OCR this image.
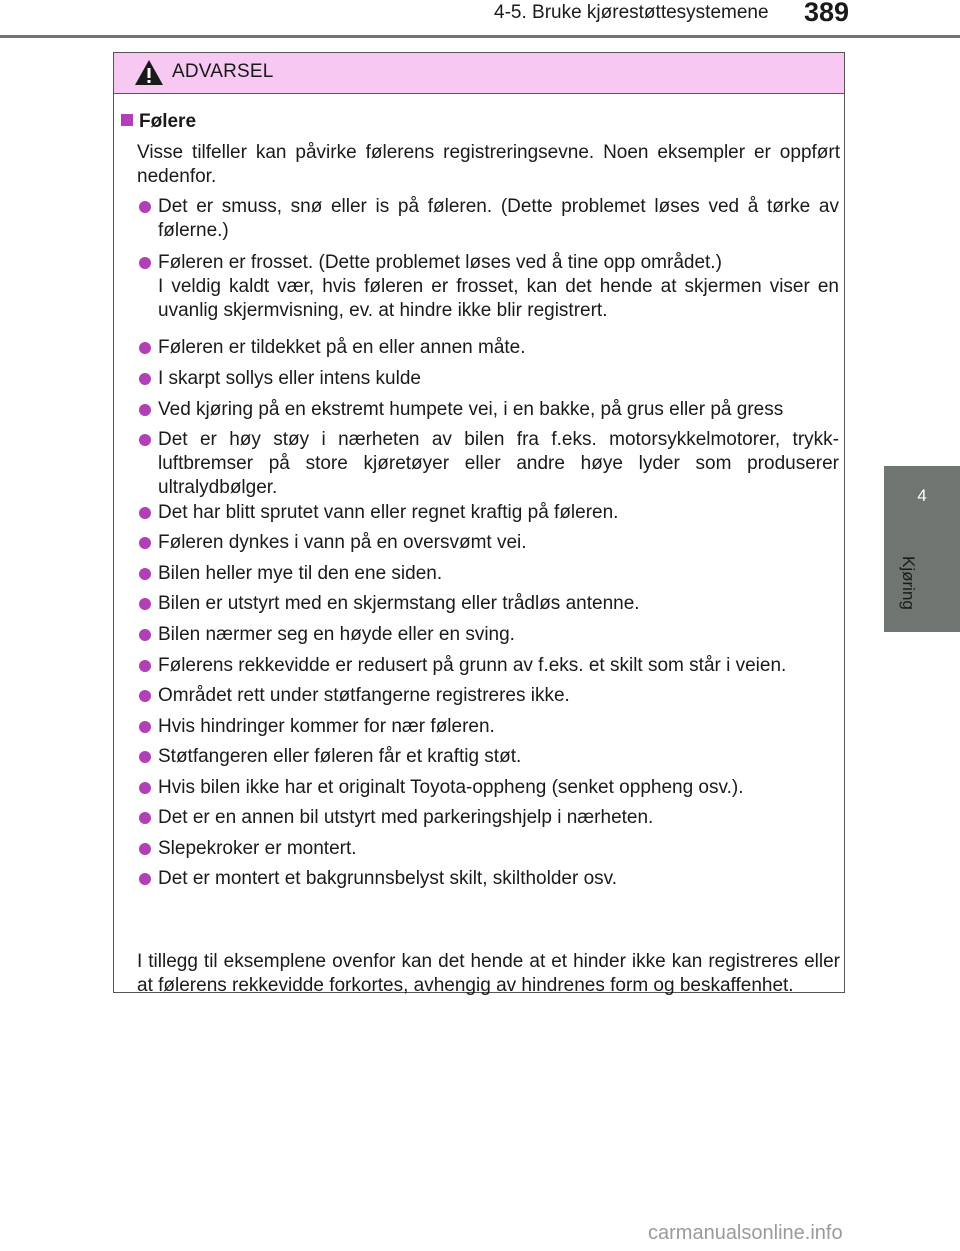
4-5. Bruke kjørestøttesystemene 389
4
Kjøring
ADVARSEL
Følere
Visse tilfeller kan påvirke følerens registreringsevne. Noen eksempler er oppført nedenfor.
Det er smuss, snø eller is på føleren. (Dette problemet løses ved å tørke av følerne.)
Føleren er frosset. (Dette problemet løses ved å tine opp området.)
I veldig kaldt vær, hvis føleren er frosset, kan det hende at skjermen viser en uvanlig skjermvisning, ev. at hindre ikke blir registrert.
Føleren er tildekket på en eller annen måte.
I skarpt sollys eller intens kulde
Ved kjøring på en ekstremt humpete vei, i en bakke, på grus eller på gress
Det er høy støy i nærheten av bilen fra f.eks. motorsykkelmotorer, trykk-luftbremser på store kjøretøyer eller andre høye lyder som produserer ultralydbølger.
Det har blitt sprutet vann eller regnet kraftig på føleren.
Føleren dynkes i vann på en oversvømt vei.
Bilen heller mye til den ene siden.
Bilen er utstyrt med en skjermstang eller trådløs antenne.
Bilen nærmer seg en høyde eller en sving.
Følerens rekkevidde er redusert på grunn av f.eks. et skilt som står i veien.
Området rett under støtfangerne registreres ikke.
Hvis hindringer kommer for nær føleren.
Støtfangeren eller føleren får et kraftig støt.
Hvis bilen ikke har et originalt Toyota-oppheng (senket oppheng osv.).
Det er en annen bil utstyrt med parkeringshjelp i nærheten.
Slepekroker er montert.
Det er montert et bakgrunnsbelyst skilt, skiltholder osv.
I tillegg til eksemplene ovenfor kan det hende at et hinder ikke kan registreres eller at følerens rekkevidde forkortes, avhengig av hindrenes form og beskaffenhet.
carmanualsonline.info
